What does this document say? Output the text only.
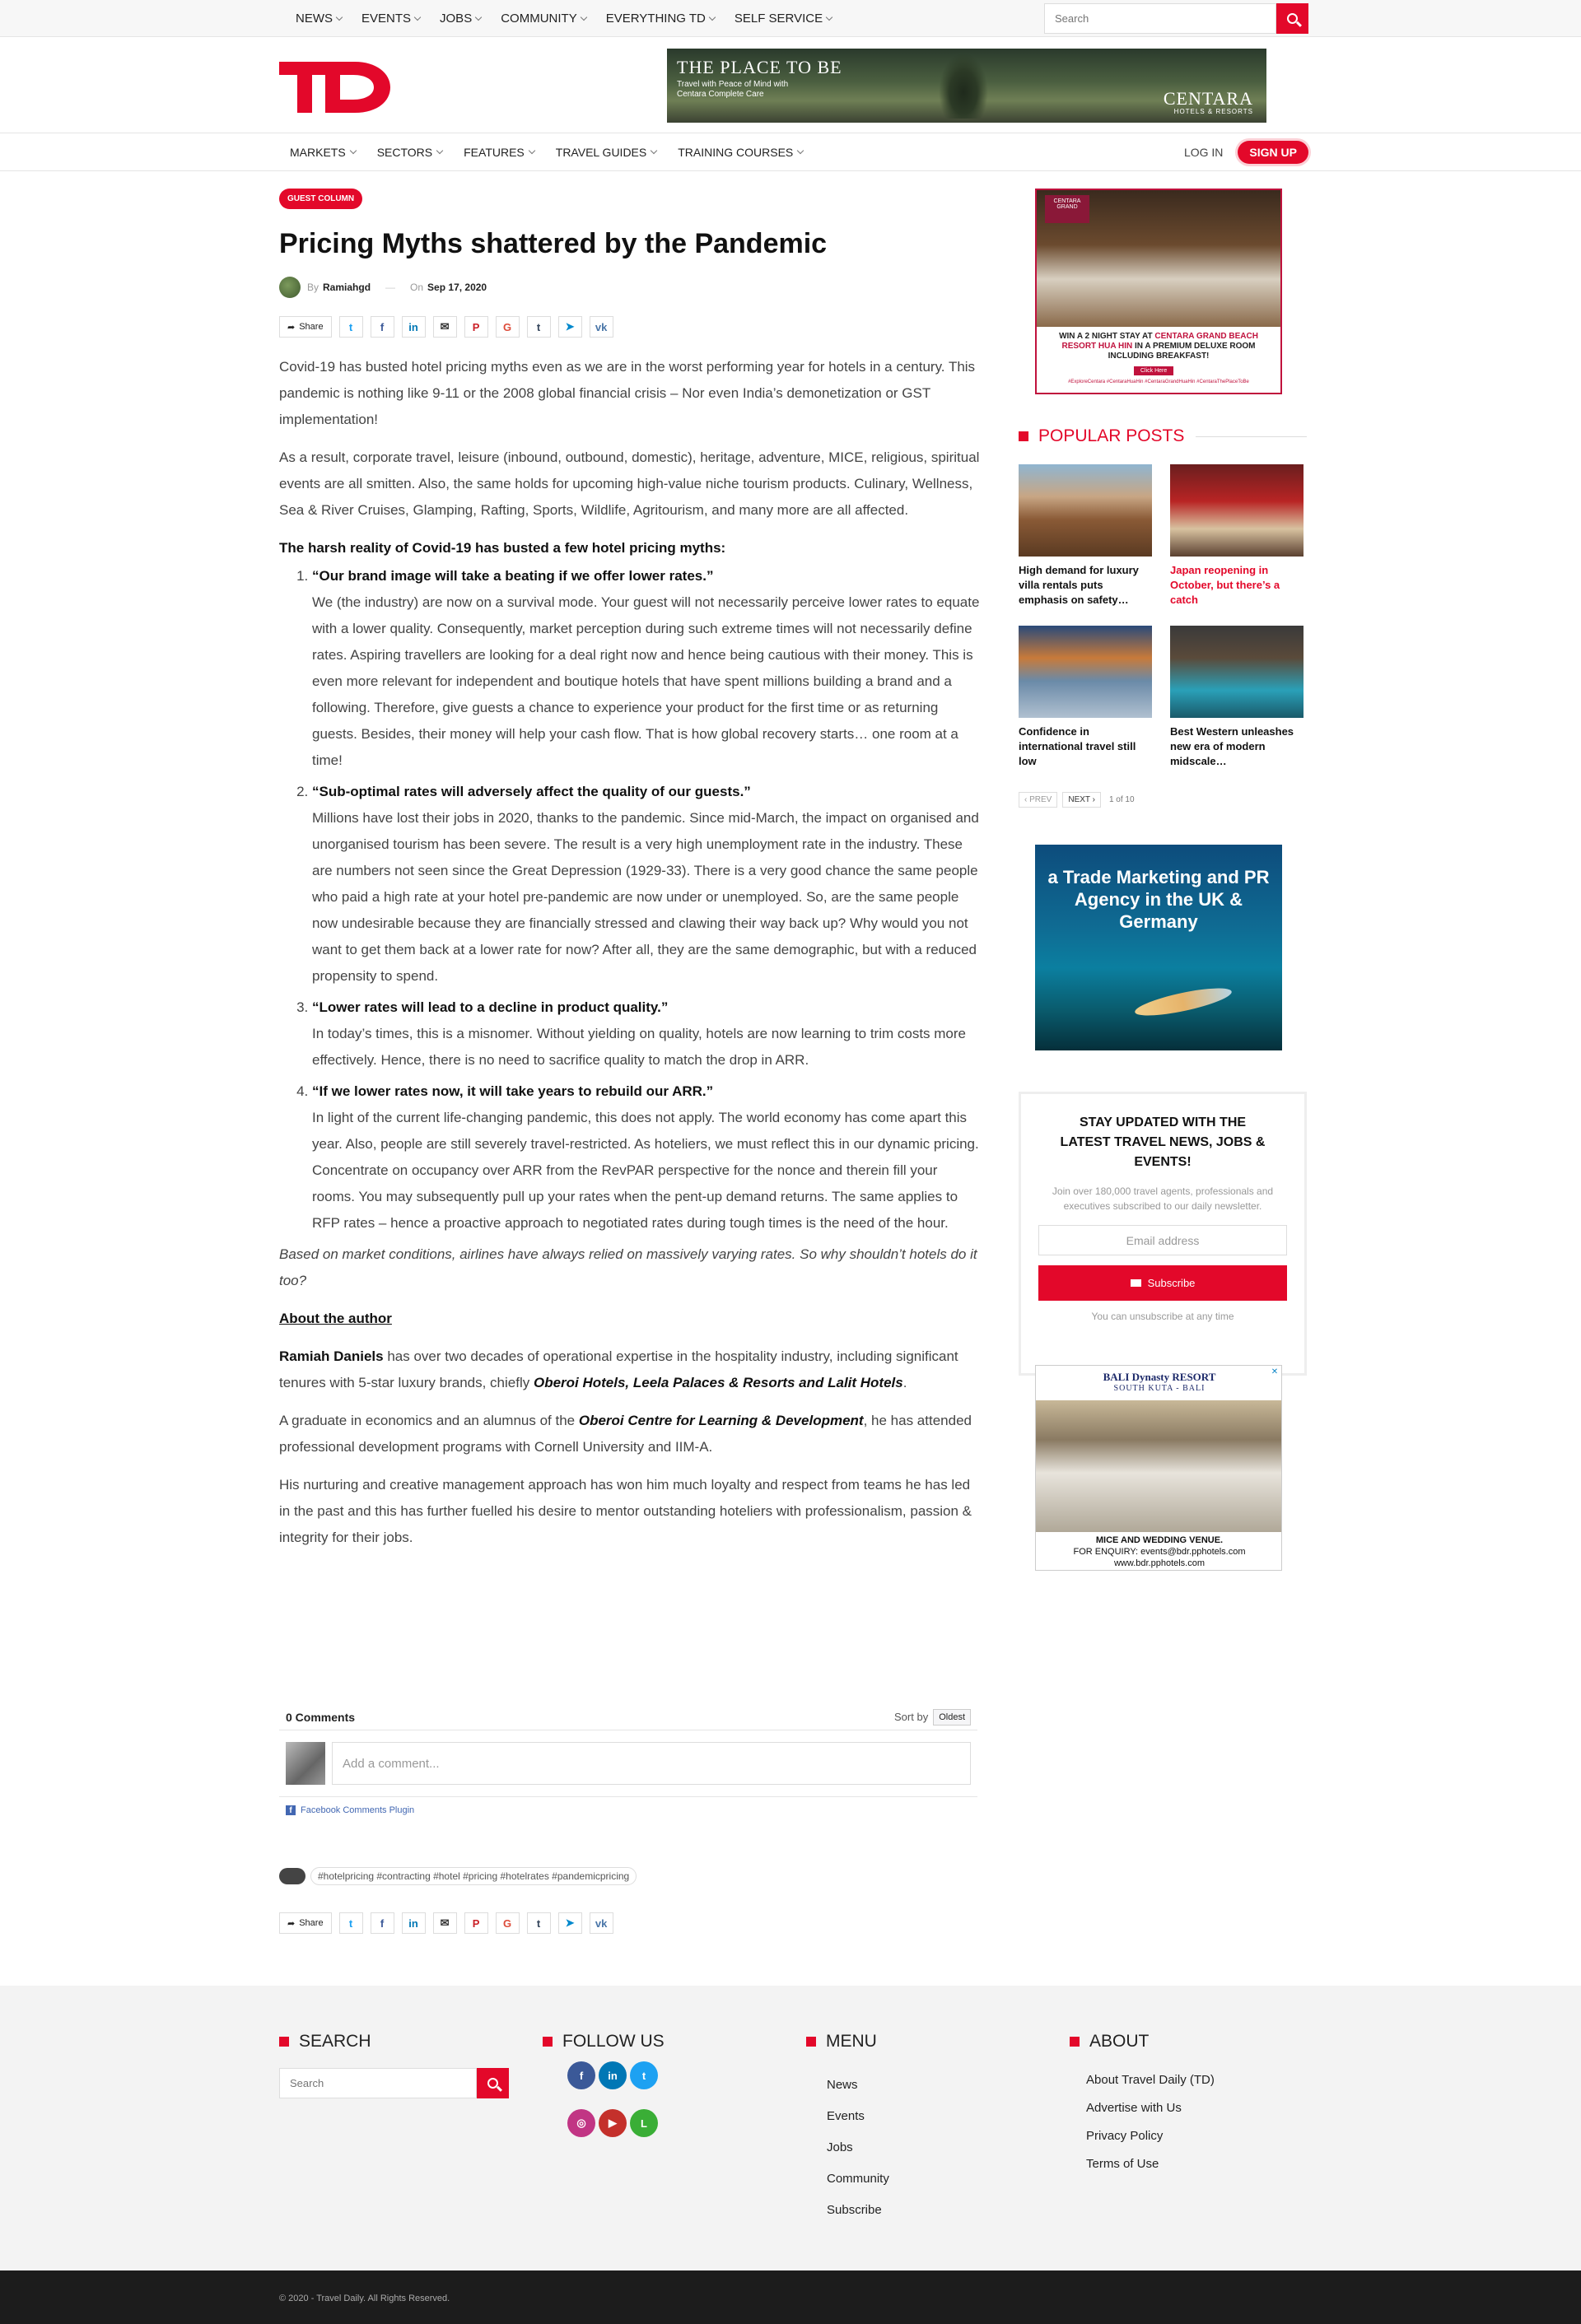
NEWS EVENTS JOBS COMMUNITY EVERYTHING TD SELF SERVICE
Search
THE PLACE TO BE
Travel with Peace of Mind with Centara Complete Care	CENTARA
HOTELS & RESORTS
MARKETS	SECTORS	FEATURES	TRAVEL GUIDES	TRAINING COURSES	LOG IN	SIGN UP
GUEST COLUMN
Pricing Myths shattered by the Pandemic
By Ramiahgd — On Sep 17, 2020
➦ Share	t	f	in	✉	P	G	t	➤	vk

Covid-19 has busted hotel pricing myths even as we are in the worst performing year for hotels in a century. This pandemic is nothing like 9-11 or the 2008 global financial crisis – Nor even India’s demonetization or GST implementation!

As a result, corporate travel, leisure (inbound, outbound, domestic), heritage, adventure, MICE, religious, spiritual events are all smitten. Also, the same holds for upcoming high-value niche tourism products. Culinary, Wellness, Sea & River Cruises, Glamping, Rafting, Sports, Wildlife, Agritourism, and many more are all affected.

The harsh reality of Covid-19 has busted a few hotel pricing myths:

1. “Our brand image will take a beating if we offer lower rates.”
We (the industry) are now on a survival mode. Your guest will not necessarily perceive lower rates to equate with a lower quality. Consequently, market perception during such extreme times will not necessarily define rates. Aspiring travellers are looking for a deal right now and hence being cautious with their money. This is even more relevant for independent and boutique hotels that have spent millions building a brand and a following. Therefore, give guests a chance to experience your product for the first time or as returning guests. Besides, their money will help your cash flow. That is how global recovery starts… one room at a time!
2. “Sub-optimal rates will adversely affect the quality of our guests.”
Millions have lost their jobs in 2020, thanks to the pandemic. Since mid-March, the impact on organised and unorganised tourism has been severe. The result is a very high unemployment rate in the industry. These are numbers not seen since the Great Depression (1929-33). There is a very good chance the same people who paid a high rate at your hotel pre-pandemic are now under or unemployed. So, are the same people now undesirable because they are financially stressed and clawing their way back up? Why would you not want to get them back at a lower rate for now? After all, they are the same demographic, but with a reduced propensity to spend.
3. “Lower rates will lead to a decline in product quality.”
In today’s times, this is a misnomer. Without yielding on quality, hotels are now learning to trim costs more effectively. Hence, there is no need to sacrifice quality to match the drop in ARR.
4. “If we lower rates now, it will take years to rebuild our ARR.”
In light of the current life-changing pandemic, this does not apply. The world economy has come apart this year. Also, people are still severely travel-restricted. As hoteliers, we must reflect this in our dynamic pricing. Concentrate on occupancy over ARR from the RevPAR perspective for the nonce and therein fill your rooms. You may subsequently pull up your rates when the pent-up demand returns. The same applies to RFP rates – hence a proactive approach to negotiated rates during tough times is the need of the hour.

Based on market conditions, airlines have always relied on massively varying rates. So why shouldn’t hotels do it too?

About the author

Ramiah Daniels has over two decades of operational expertise in the hospitality industry, including significant tenures with 5-star luxury brands, chiefly Oberoi Hotels, Leela Palaces & Resorts and Lalit Hotels.

A graduate in economics and an alumnus of the Oberoi Centre for Learning & Development, he has attended professional development programs with Cornell University and IIM-A.

His nurturing and creative management approach has won him much loyalty and respect from teams he has led in the past and this has further fuelled his desire to mentor outstanding hoteliers with professionalism, passion & integrity for their jobs.

0 Comments	Sort by	Oldest
Add a comment...
f Facebook Comments Plugin
#hotelpricing #contracting #hotel #pricing #hotelrates #pandemicpricing
➦ Share	t	f	in	✉	P	G	t	➤	vk
CENTARA GRAND
WIN A 2 NIGHT STAY AT CENTARA GRAND BEACH RESORT HUA HIN IN A PREMIUM DELUXE ROOM INCLUDING BREAKFAST!
Click Here
#ExploreCentara #CentaraHuaHin #CentaraGrandHuaHin #CentaraThePlaceToBe
POPULAR POSTS
High demand for luxury villa rentals puts emphasis on safety…
Japan reopening in October, but there’s a catch
Confidence in international travel still low
Best Western unleashes new era of modern midscale…
‹ PREV	NEXT ›	1 of 10
a Trade Marketing and PR Agency in the UK & Germany
STAY UPDATED WITH THE LATEST TRAVEL NEWS, JOBS & EVENTS!
Join over 180,000 travel agents, professionals and executives subscribed to our daily newsletter.
Email address
Subscribe
You can unsubscribe at any time
✕
BALI Dynasty RESORT
SOUTH KUTA - BALI
MICE AND WEDDING VENUE.
FOR ENQUIRY: events@bdr.pphotels.com
www.bdr.pphotels.com
SEARCH
Search	FOLLOW US
f	in	t
◎	▶	L
MENU
News
Events
Jobs
Community
Subscribe
ABOUT
About Travel Daily (TD)
Advertise with Us
Privacy Policy
Terms of Use
© 2020 - Travel Daily. All Rights Reserved.
